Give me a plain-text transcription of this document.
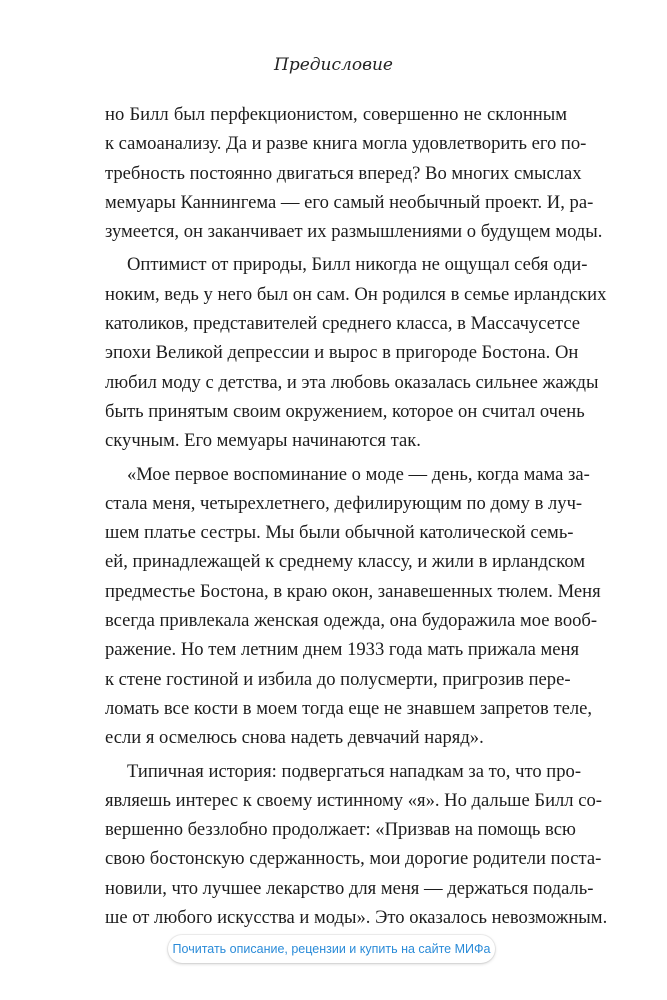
Предисловие
но Билл был перфекционистом, совершенно не склонным
к самоанализу. Да и разве книга могла удовлетворить его по-
требность постоянно двигаться вперед? Во многих смыслах
мемуары Каннингема — его самый необычный проект. И, ра-
зумеется, он заканчивает их размышлениями о будущем моды.
Оптимист от природы, Билл никогда не ощущал себя оди-
ноким, ведь у него был он сам. Он родился в семье ирландских
католиков, представителей среднего класса, в Массачусетсе
эпохи Великой депрессии и вырос в пригороде Бостона. Он
любил моду с детства, и эта любовь оказалась сильнее жажды
быть принятым своим окружением, которое он считал очень
скучным. Его мемуары начинаются так.
«Мое первое воспоминание о моде — день, когда мама за-
стала меня, четырехлетнего, дефилирующим по дому в луч-
шем платье сестры. Мы были обычной католической семь-
ей, принадлежащей к среднему классу, и жили в ирландском
предместье Бостона, в краю окон, занавешенных тюлем. Меня
всегда привлекала женская одежда, она будоражила мое вооб-
ражение. Но тем летним днем 1933 года мать прижала меня
к стене гостиной и избила до полусмерти, пригрозив пере-
ломать все кости в моем тогда еще не знавшем запретов теле,
если я осмелюсь снова надеть девчачий наряд».
Типичная история: подвергаться нападкам за то, что про-
являешь интерес к своему истинному «я». Но дальше Билл со-
вершенно беззлобно продолжает: «Призвав на помощь всю
свою бостонскую сдержанность, мои дорогие родители поста-
новили, что лучшее лекарство для меня — держаться подаль-
ше от любого искусства и моды». Это оказалось невозможным.
Почитать описание, рецензии и купить на сайте МИФа
